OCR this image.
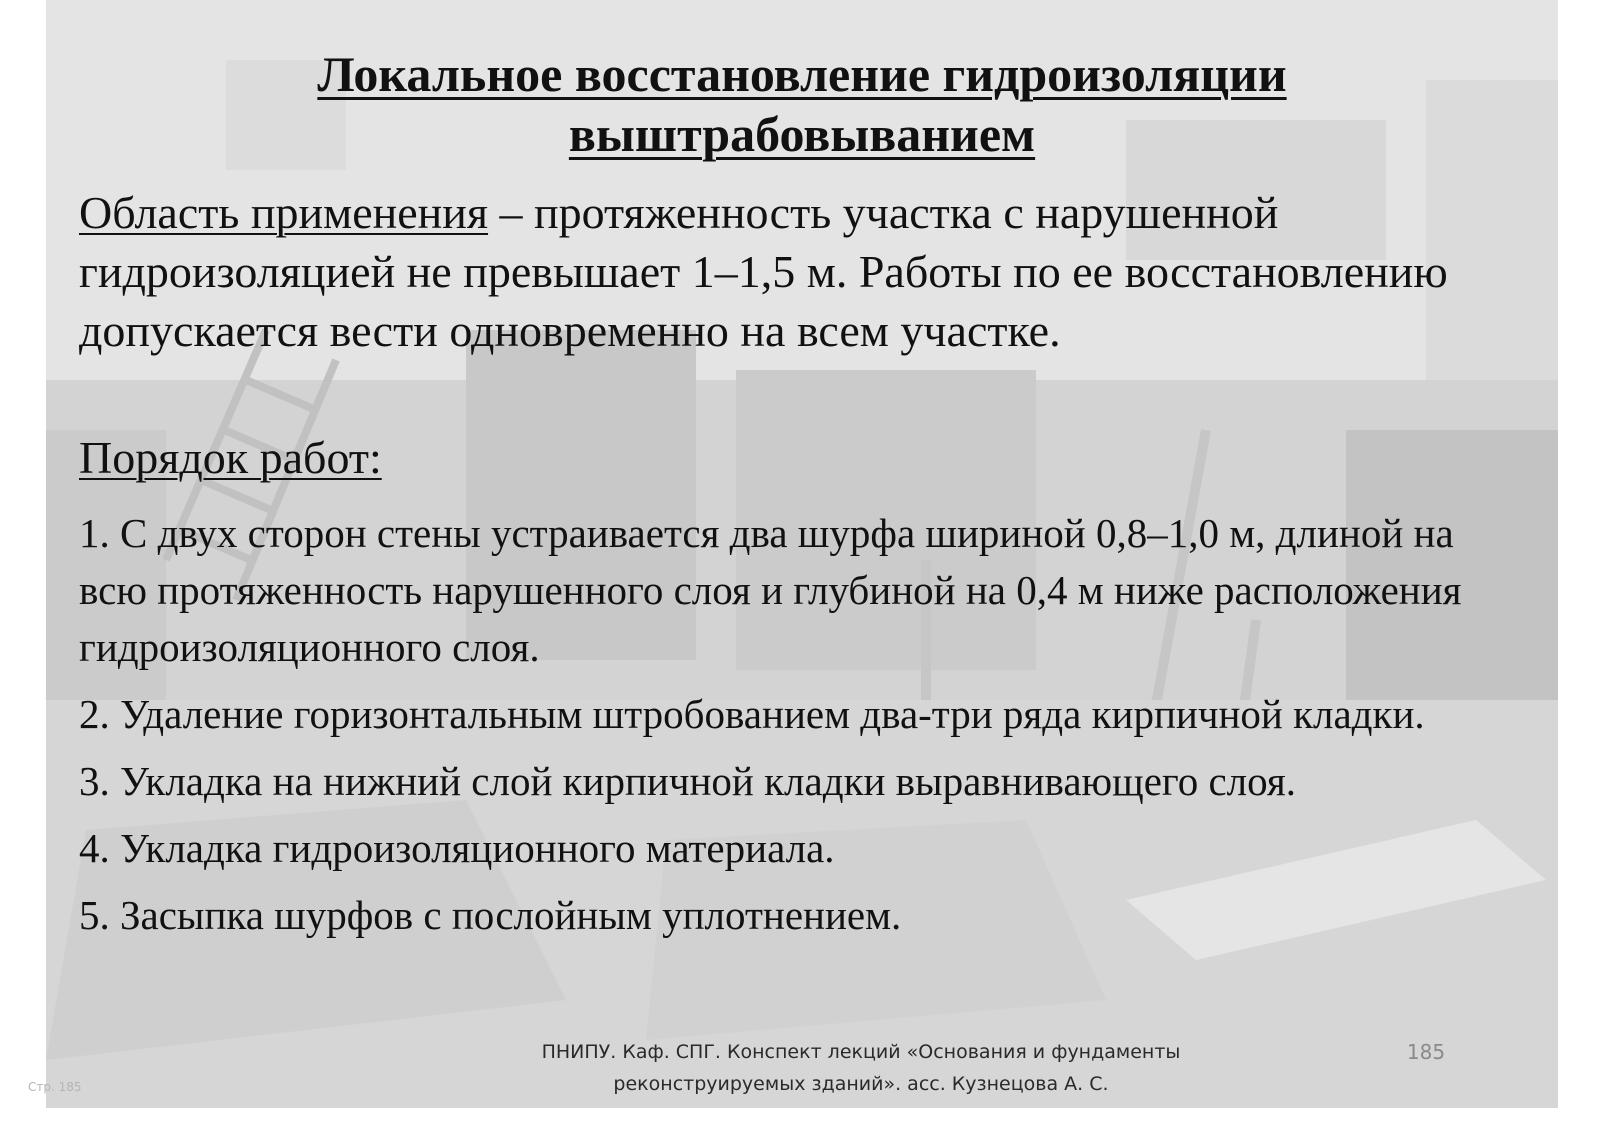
Локальное восстановление гидроизоляции
выштрабовыванием
Область применения – протяженность участка с нарушенной гидроизоляцией не превышает 1–1,5 м. Работы по ее восстановлению допускается вести одновременно на всем участке.
Порядок работ:
1. С двух сторон стены устраивается два шурфа шириной 0,8–1,0 м, длиной на всю протяженность нарушенного слоя и глубиной на 0,4 м ниже расположения гидроизоляционного слоя.
2. Удаление горизонтальным штробованием два-три ряда кирпичной кладки.
3. Укладка на нижний слой кирпичной кладки выравнивающего слоя.
4. Укладка гидроизоляционного материала.
5. Засыпка шурфов с послойным уплотнением.
ПНИПУ. Каф. СПГ. Конспект лекций «Основания и фундаменты
реконструируемых зданий». асс. Кузнецова А. С.
185
Стр. 185
